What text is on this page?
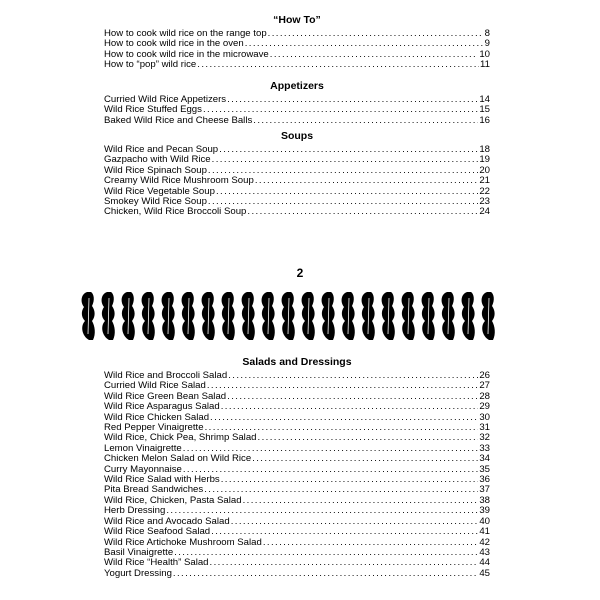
“How To”
How to cook wild rice on the range top .....	8
How to cook wild rice in the oven .....	9
How to cook wild rice in the microwave .....	10
How to “pop” wild rice .....	11
Appetizers
Curried Wild Rice Appetizers .....	14
Wild Rice Stuffed Eggs .....	15
Baked Wild Rice and Cheese Balls .....	16
Soups
Wild Rice and Pecan Soup .....	18
Gazpacho with Wild Rice .....	19
Wild Rice Spinach Soup .....	20
Creamy Wild Rice Mushroom Soup .....	21
Wild Rice Vegetable Soup .....	22
Smokey Wild Rice Soup .....	23
Chicken, Wild Rice Broccoli Soup .....	24
2
Salads and Dressings
Wild Rice and Broccoli Salad .....	26
Curried Wild Rice Salad .....	27
Wild Rice Green Bean Salad .....	28
Wild Rice Asparagus Salad .....	29
Wild Rice Chicken Salad .....	30
Red Pepper Vinaigrette .....	31
Wild Rice, Chick Pea, Shrimp Salad .....	32
Lemon Vinaigrette .....	33
Chicken Melon Salad on Wild Rice .....	34
Curry Mayonnaise .....	35
Wild Rice Salad with Herbs .....	36
Pita Bread Sandwiches .....	37
Wild Rice, Chicken, Pasta Salad .....	38
Herb Dressing .....	39
Wild Rice and Avocado Salad .....	40
Wild Rice Seafood Salad .....	41
Wild Rice Artichoke Mushroom Salad .....	42
Basil Vinaigrette .....	43
Wild Rice “Health” Salad .....	44
Yogurt Dressing .....	45
